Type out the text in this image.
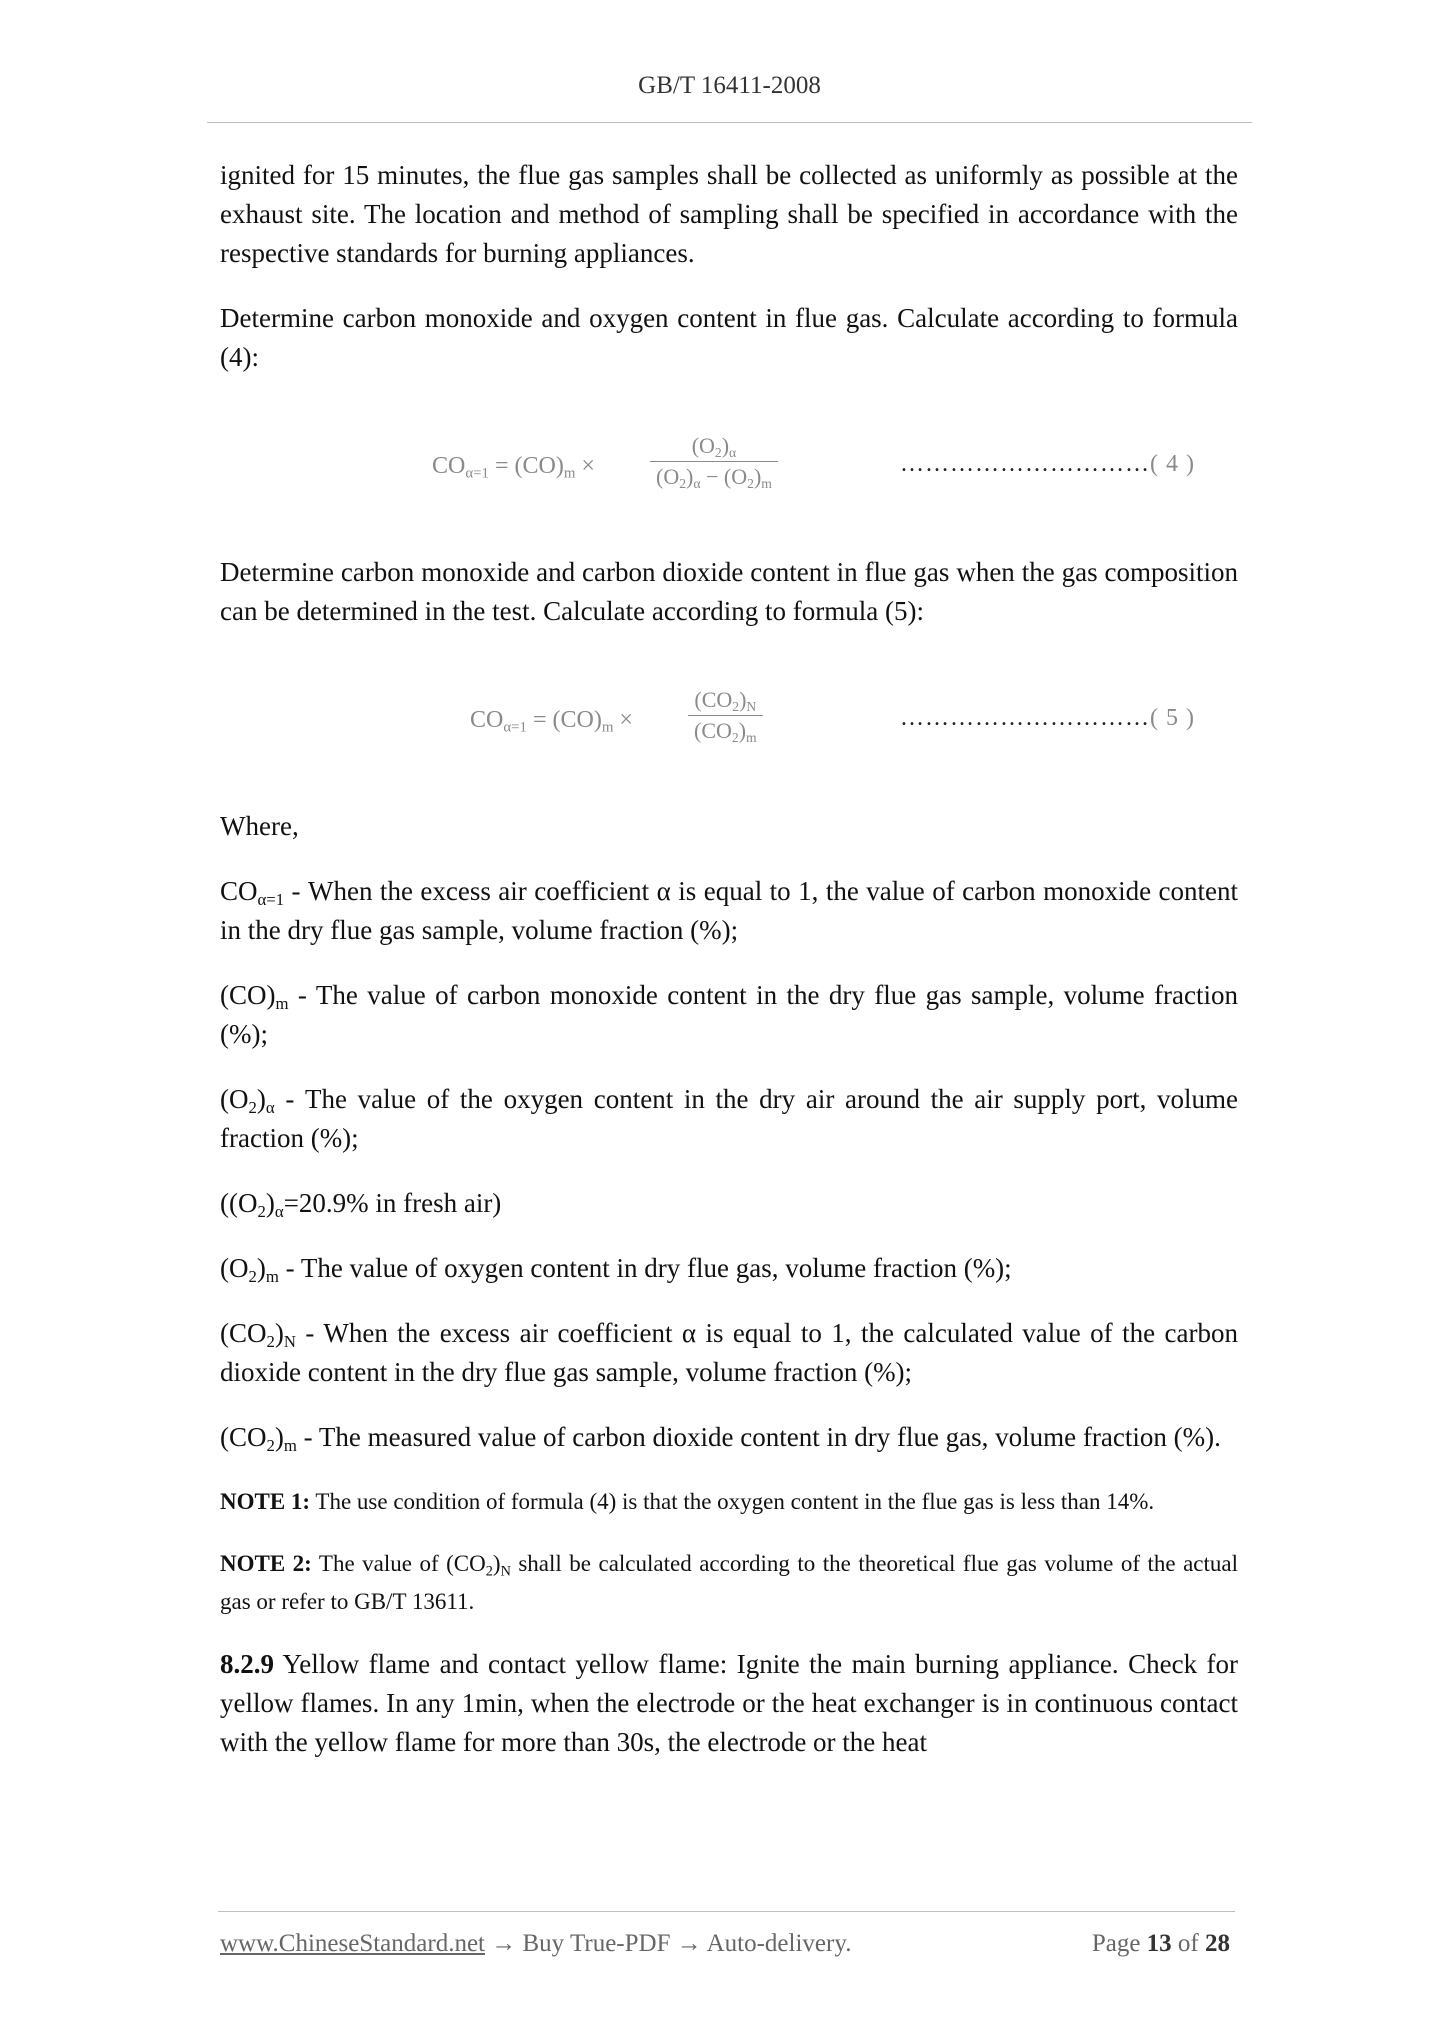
GB/T 16411-2008

ignited for 15 minutes, the flue gas samples shall be collected as uniformly as possible at the exhaust site. The location and method of sampling shall be specified in accordance with the respective standards for burning appliances.

Determine carbon monoxide and oxygen content in flue gas. Calculate according to formula (4):

$CO_{\alpha=1} = (CO)_m$ ×
$(O_2)_\alpha$
$(O_2)_\alpha - (O_2)_m$
…………………………( 4 )

Determine carbon monoxide and carbon dioxide content in flue gas when the gas composition can be determined in the test. Calculate according to formula (5):

$CO_{\alpha=1} = (CO)_m$ ×
$(CO_2)_N$
$(CO_2)_m$
…………………………( 5 )

Where,

$CO_{\alpha=1}$ - When the excess air coefficient α is equal to 1, the value of carbon monoxide content in the dry flue gas sample, volume fraction (%);

$(CO)_m$ - The value of carbon monoxide content in the dry flue gas sample, volume fraction (%);

$(O_2)_\alpha$ - The value of the oxygen content in the dry air around the air supply port, volume fraction (%);

($(O_2)_\alpha=20.9\%$ in fresh air)

$(O_2)_m$ - The value of oxygen content in dry flue gas, volume fraction (%);

$(CO_2)_N$ - When the excess air coefficient α is equal to 1, the calculated value of the carbon dioxide content in the dry flue gas sample, volume fraction (%);

$(CO_2)_m$ - The measured value of carbon dioxide content in dry flue gas, volume fraction (%).

NOTE 1: The use condition of formula (4) is that the oxygen content in the flue gas is less than 14%.

NOTE 2: The value of $(CO_2)_N$ shall be calculated according to the theoretical flue gas volume of the actual gas or refer to GB/T 13611.

8.2.9 Yellow flame and contact yellow flame: Ignite the main burning appliance. Check for yellow flames. In any 1min, when the electrode or the heat exchanger is in continuous contact with the yellow flame for more than 30s, the electrode or the heat

www.ChineseStandard.net → Buy True-PDF → Auto-delivery.	Page 13 of 28
